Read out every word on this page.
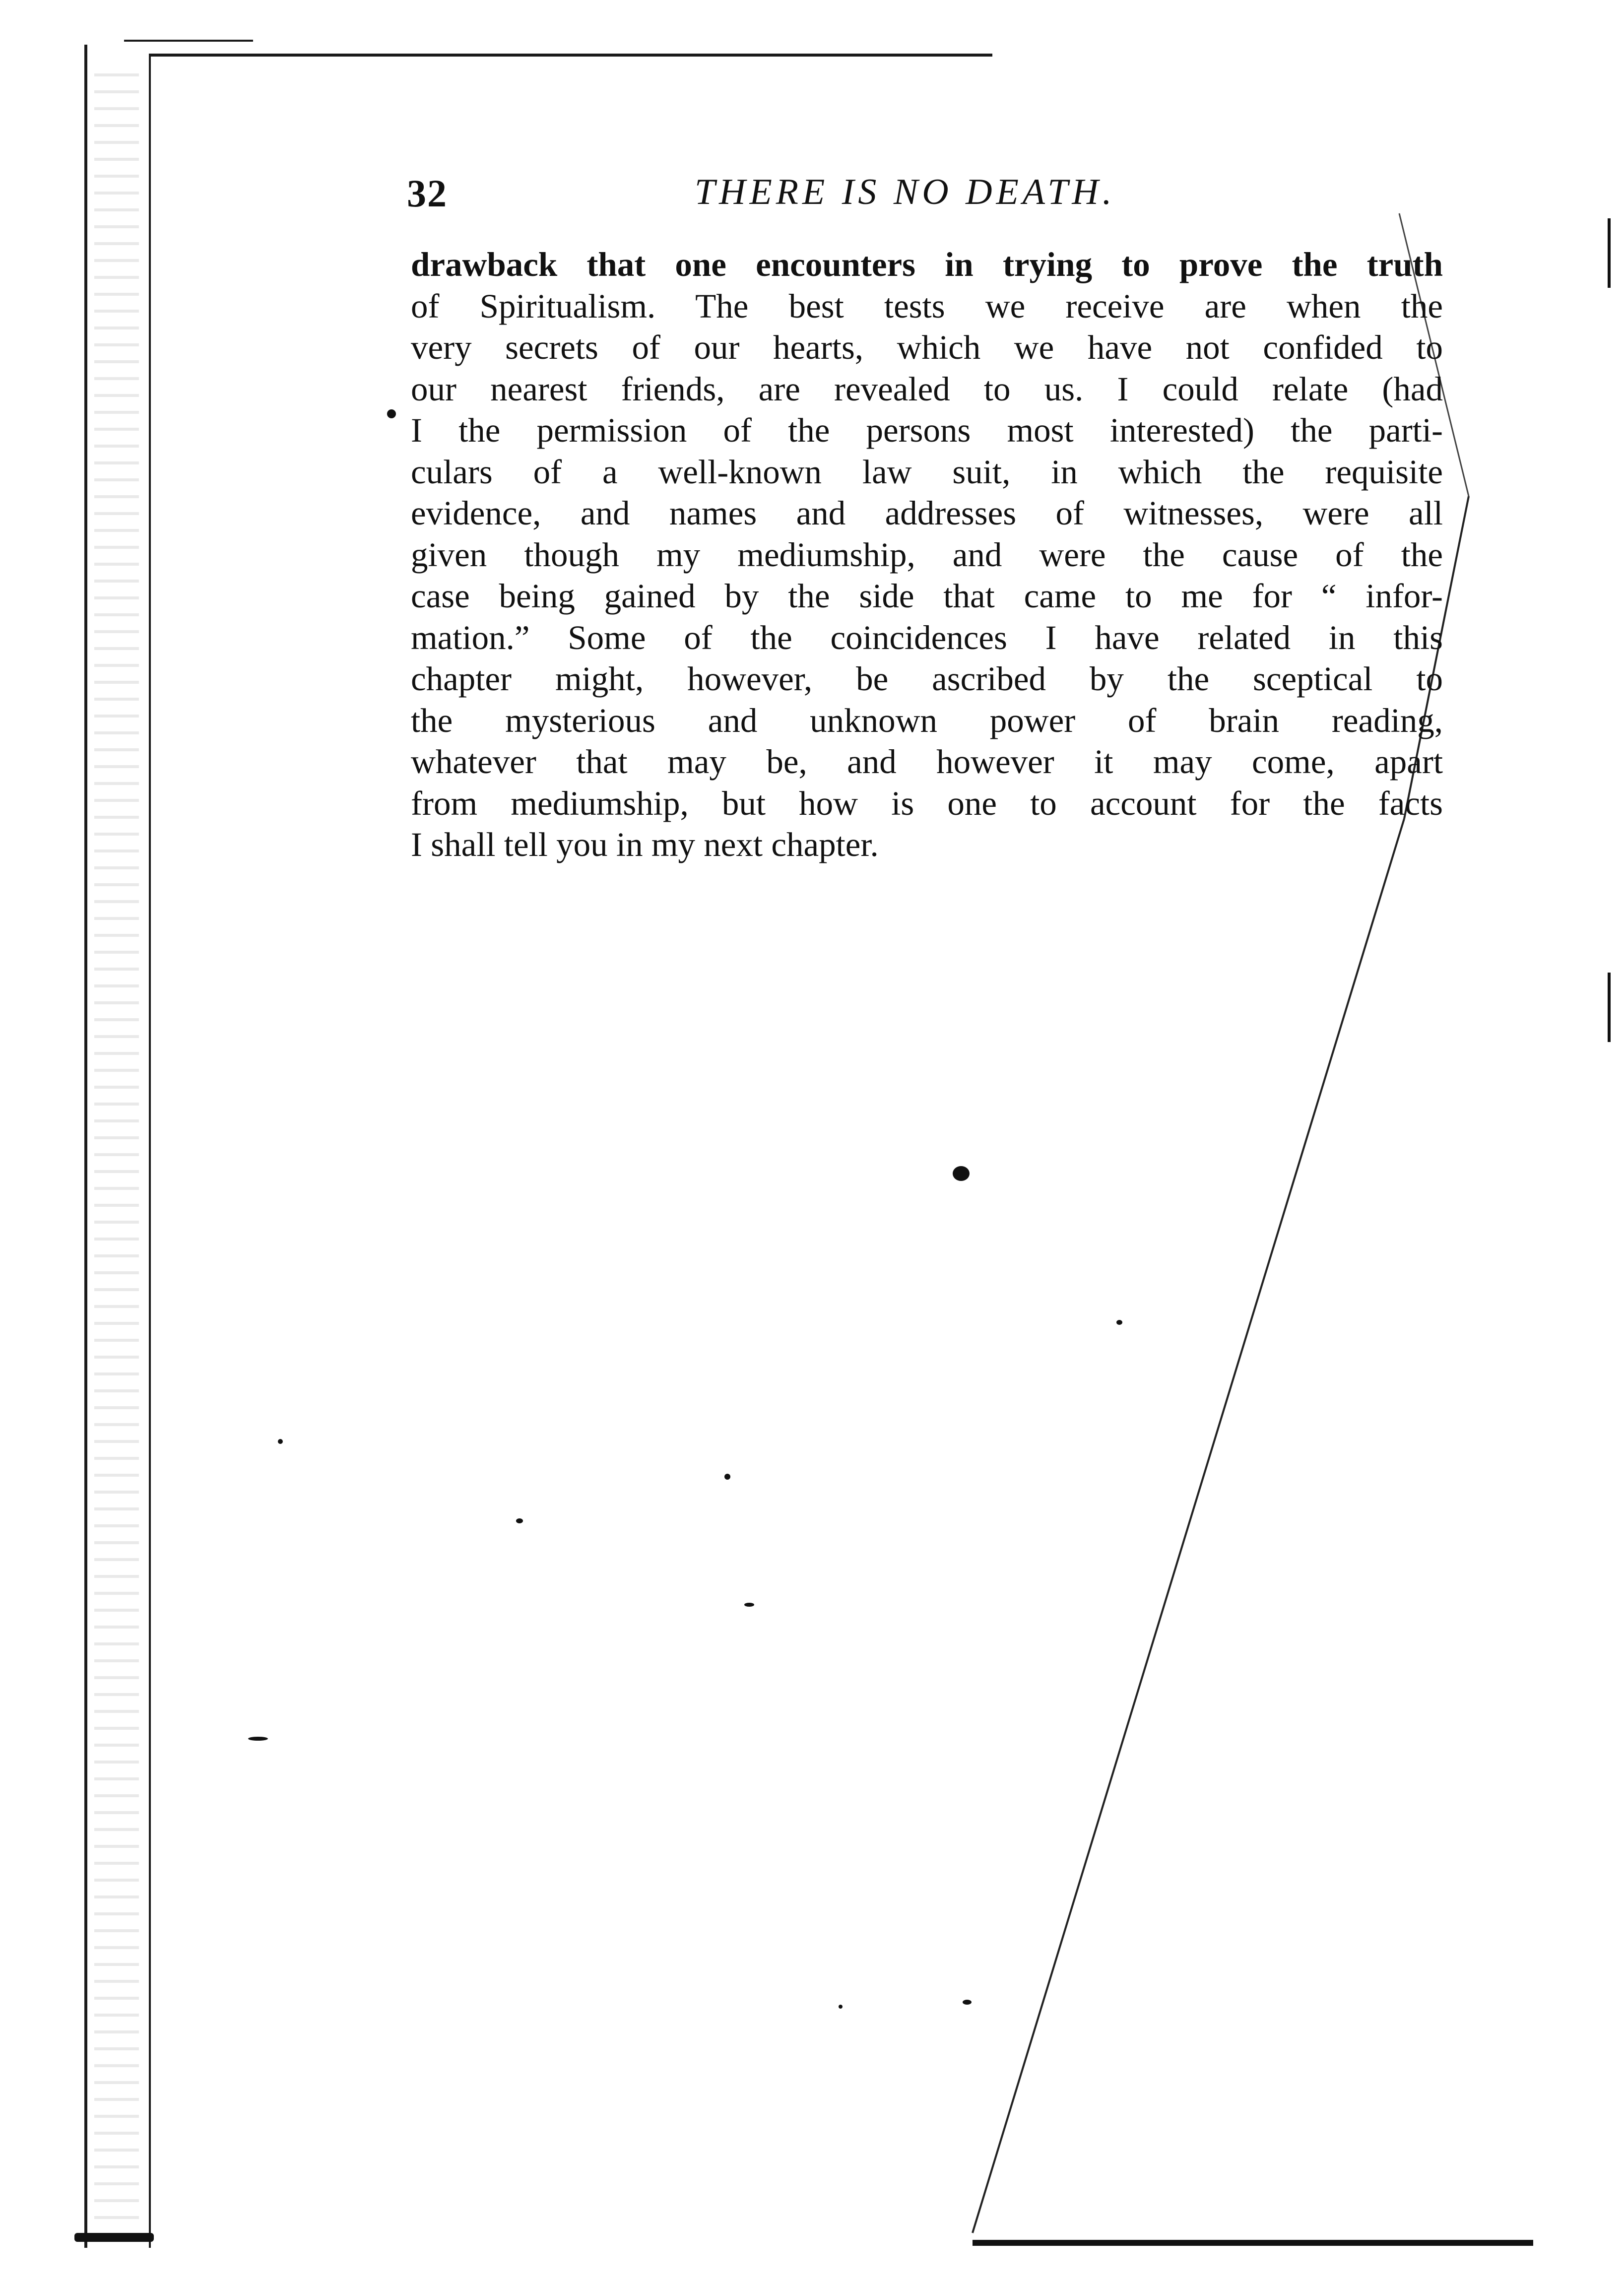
32	THERE IS NO DEATH.
drawback that one encounters in trying to prove the truth
of Spiritualism. The best tests we receive are when the
very secrets of our hearts, which we have not confided to
our nearest friends, are revealed to us. I could relate (had
I the permission of the persons most interested) the parti-
culars of a well-known law suit, in which the requisite
evidence, and names and addresses of witnesses, were all
given though my mediumship, and were the cause of the
case being gained by the side that came to me for “ infor-
mation.” Some of the coincidences I have related in this
chapter might, however, be ascribed by the sceptical to
the mysterious and unknown power of brain reading,
whatever that may be, and however it may come, apart
from mediumship, but how is one to account for the facts
I shall tell you in my next chapter.
